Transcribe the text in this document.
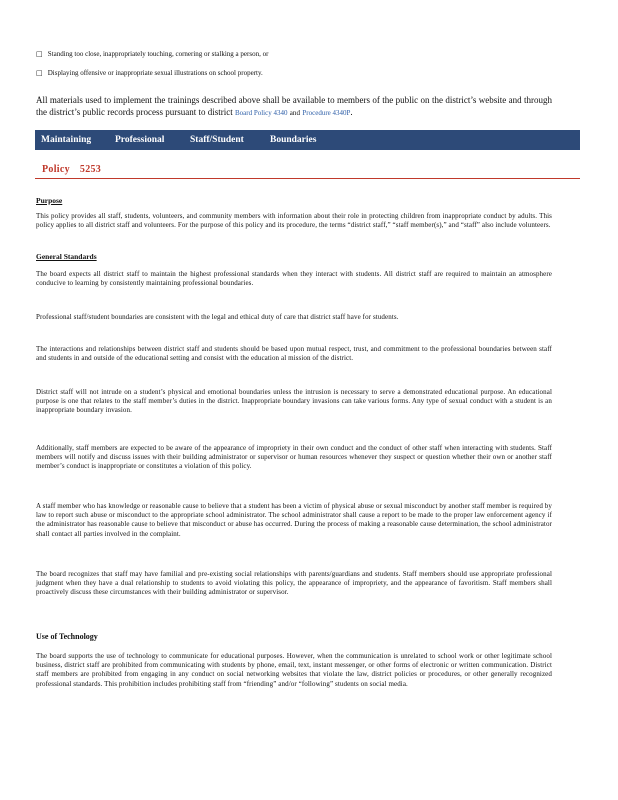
□ Standing too close, inappropriately touching, cornering or stalking a person, or
□ Displaying offensive or inappropriate sexual illustrations on school property.

All materials used to implement the trainings described above shall be available to members of the public on the district’s website and through the district’s public records process pursuant to district Board Policy 4340 and Procedure 4340P.

Maintaining	Professional	Staff/Student	Boundaries
Policy 5253
Purpose

This policy provides all staff, students, volunteers, and community members with information about their role in protecting children from inappropriate conduct by adults. This policy applies to all district staff and volunteers. For the purpose of this policy and its procedure, the terms “district staff,” “staff member(s),” and “staff” also include volunteers.

General Standards

The board expects all district staff to maintain the highest professional standards when they interact with students. All district staff are required to maintain an atmosphere conducive to learning by consistently maintaining professional boundaries.

Professional staff/student boundaries are consistent with the legal and ethical duty of care that district staff have for students.

The interactions and relationships between district staff and students should be based upon mutual respect, trust, and commitment to the professional boundaries between staff and students in and outside of the educational setting and consist with the education al mission of the district.

District staff will not intrude on a student’s physical and emotional boundaries unless the intrusion is necessary to serve a demonstrated educational purpose. An educational purpose is one that relates to the staff member’s duties in the district. Inappropriate boundary invasions can take various forms. Any type of sexual conduct with a student is an inappropriate boundary invasion.

Additionally, staff members are expected to be aware of the appearance of impropriety in their own conduct and the conduct of other staff when interacting with students. Staff members will notify and discuss issues with their building administrator or supervisor or human resources whenever they suspect or question whether their own or another staff member’s conduct is inappropriate or constitutes a violation of this policy.

A staff member who has knowledge or reasonable cause to believe that a student has been a victim of physical abuse or sexual misconduct by another staff member is required by law to report such abuse or misconduct to the appropriate school administrator. The school administrator shall cause a report to be made to the proper law enforcement agency if the administrator has reasonable cause to believe that misconduct or abuse has occurred. During the process of making a reasonable cause determination, the school administrator shall contact all parties involved in the complaint.

The board recognizes that staff may have familial and pre-existing social relationships with parents/guardians and students. Staff members should use appropriate professional judgment when they have a dual relationship to students to avoid violating this policy, the appearance of impropriety, and the appearance of favoritism. Staff members shall proactively discuss these circumstances with their building administrator or supervisor.

Use of Technology

The board supports the use of technology to communicate for educational purposes. However, when the communication is unrelated to school work or other legitimate school business, district staff are prohibited from communicating with students by phone, email, text, instant messenger, or other forms of electronic or written communication. District staff members are prohibited from engaging in any conduct on social networking websites that violate the law, district policies or procedures, or other generally recognized professional standards. This prohibition includes prohibiting staff from “friending” and/or “following” students on social media.
